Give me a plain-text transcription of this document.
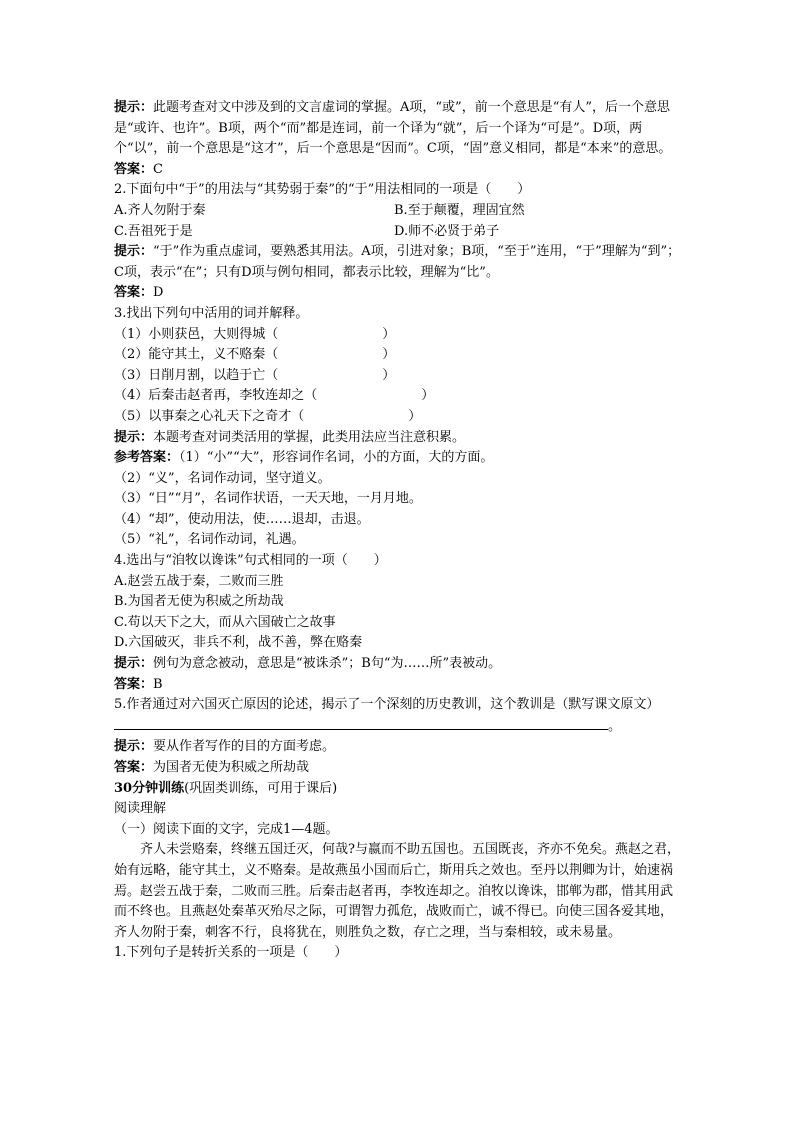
提示：此题考查对文中涉及到的文言虚词的掌握。A项，“或”，前一个意思是“有人”，后一个意思是“或许、也许”。B项，两个“而”都是连词，前一个译为“就”，后一个译为“可是”。D项，两个“以”，前一个意思是“这才”，后一个意思是“因而”。C项，“固”意义相同，都是“本来”的意思。

答案：C

2.下面句中“于”的用法与“其势弱于秦”的“于”用法相同的一项是（　　）

A.齐人勿附于秦	B.至于颠覆，理固宜然

C.吾祖死于是	D.师不必贤于弟子

提示：“于”作为重点虚词，要熟悉其用法。A项，引进对象；B项，“至于”连用，“于”理解为“到”；C项，表示“在”；只有D项与例句相同，都表示比较，理解为“比”。

答案：D

3.找出下列句中活用的词并解释。

（1）小则获邑，大则得城（　　　　　　　　）

（2）能守其土，义不赂秦（　　　　　　　　）

（3）日削月割，以趋于亡（　　　　　　　　）

（4）后秦击赵者再，李牧连却之（　　　　　　　　）

（5）以事秦之心礼天下之奇才（　　　　　　　　）

提示：本题考查对词类活用的掌握，此类用法应当注意积累。

参考答案：（1）“小”“大”，形容词作名词，小的方面，大的方面。

（2）“义”，名词作动词，坚守道义。

（3）“日”“月”，名词作状语，一天天地，一月月地。

（4）“却”，使动用法，使……退却，击退。

（5）“礼”，名词作动词，礼遇。

4.选出与“洎牧以谗诛”句式相同的一项（　　）

A.赵尝五战于秦，二败而三胜

B.为国者无使为积威之所劫哉

C.苟以天下之大，而从六国破亡之故事

D.六国破灭，非兵不利，战不善，弊在赂秦

提示：例句为意念被动，意思是“被诛杀”；B句“为……所”表被动。

答案：B

5.作者通过对六国灭亡原因的论述，揭示了一个深刻的历史教训，这个教训是（默写课文原文）。

提示：要从作者写作的目的方面考虑。

答案：为国者无使为积威之所劫哉

30分钟训练(巩固类训练，可用于课后)

阅读理解

（一）阅读下面的文字，完成1—4题。

齐人未尝赂秦，终继五国迁灭，何哉?与嬴而不助五国也。五国既丧，齐亦不免矣。燕赵之君，始有远略，能守其土，义不赂秦。是故燕虽小国而后亡，斯用兵之效也。至丹以荆卿为计，始速祸焉。赵尝五战于秦，二败而三胜。后秦击赵者再，李牧连却之。洎牧以谗诛，邯郸为郡，惜其用武而不终也。且燕赵处秦革灭殆尽之际，可谓智力孤危，战败而亡，诚不得已。向使三国各爱其地，齐人勿附于秦，刺客不行，良将犹在，则胜负之数，存亡之理，当与秦相较，或未易量。

1.下列句子是转折关系的一项是（　　）
